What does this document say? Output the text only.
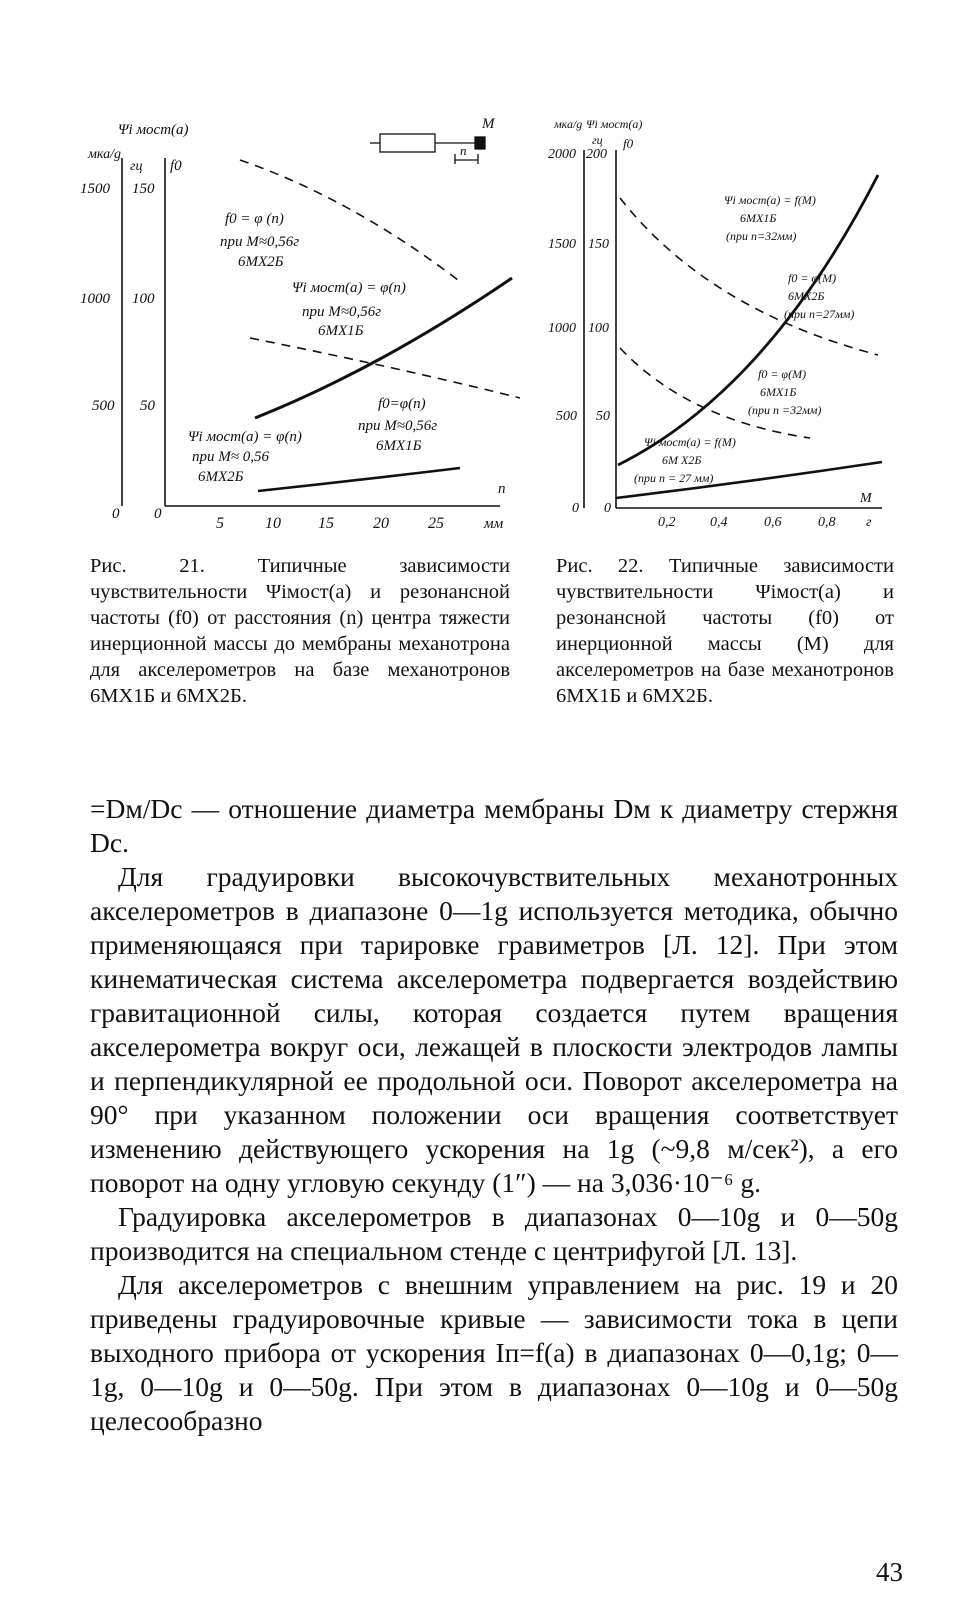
Ψi мост(a)
мка/g
гц f0
1500
1000
500
0
150
100
50
0
5	10 15 20 25	мм
n
M
n
f0 = φ (n)
при M≈0,56г
6МХ2Б
Ψi мост(a) = φ(n)
при M≈0,56г
6МХ1Б
f0=φ(n)
при M≈0,56г
6МХ1Б
Ψi мост(a) = φ(n)
при M≈ 0,56
6МХ2Б
мка/g Ψi мост(a)
гц f0
2000
1500
1000
500
0
200
150
100
50
0
0,2 0,4	0,6	0,8 г
M
Ψi мост(a) = f(M)
6МХ1Б
(при n=32мм)
f0 = φ(M)
6МХ2Б
(при n=27мм)
f0 = φ(M)
6МХ1Б
(при n =32мм)
Ψi мост(a) = f(M)
6М Х2Б
(при n = 27 мм)
Рис. 21. Типичные зависимости чувствительности Ψiмост(a) и резонансной частоты (f0) от расстояния (n) центра тяжести инерционной массы до мембраны механотрона для акселерометров на базе механотронов 6МХ1Б и 6МХ2Б.
Рис. 22. Типичные зависимости чувствительности Ψiмост(a) и резонансной частоты (f0) от инерционной массы (M) для акселерометров на базе механотронов 6МХ1Б и 6МХ2Б.

=Dм/Dс — отношение диаметра мембраны Dм к диаметру стержня Dс.

Для градуировки высокочувствительных механотронных акселерометров в диапазоне 0—1g используется методика, обычно применяющаяся при тарировке гравиметров [Л. 12]. При этом кинематическая система акселерометра подвергается воздействию гравитационной силы, которая создается путем вращения акселерометра вокруг оси, лежащей в плоскости электродов лампы и перпендикулярной ее продольной оси. Поворот акселерометра на 90° при указанном положении оси вращения соответствует изменению действующего ускорения на 1g (~9,8 м/сек²), а его поворот на одну угловую секунду (1″) — на 3,036·10⁻⁶ g.

Градуировка акселерометров в диапазонах 0—10g и 0—50g производится на специальном стенде с центрифугой [Л. 13].

Для акселерометров с внешним управлением на рис. 19 и 20 приведены градуировочные кривые — зависимости тока в цепи выходного прибора от ускорения Iп=f(a) в диапазонах 0—0,1g; 0—1g, 0—10g и 0—50g. При этом в диапазонах 0—10g и 0—50g целесообразно

43
